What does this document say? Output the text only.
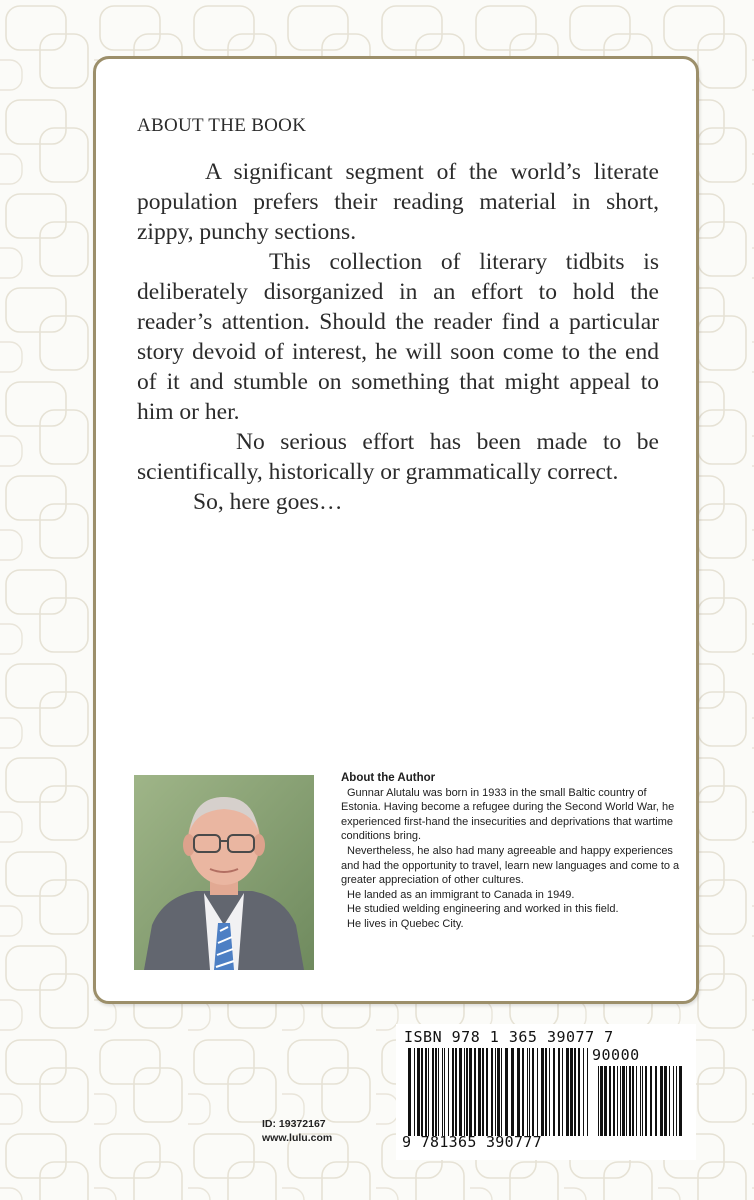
ABOUT THE BOOK

A significant segment of the world’s literate population prefers their reading material in short, zippy, punchy sections.

This collection of literary tidbits is deliberately disorganized in an effort to hold the reader’s attention. Should the reader find a particular story devoid of interest, he will soon come to the end of it and stumble on something that might appeal to him or her.

No serious effort has been made to be scientifically, historically or grammatically correct.

So, here goes…

About the Author

Gunnar Alutalu was born in 1933 in the small Baltic country of Estonia. Having become a refugee during the Second World War, he experienced first-hand the insecurities and deprivations that wartime conditions bring.

Nevertheless, he also had many agreeable and happy experiences and had the opportunity to travel, learn new languages and come to a greater appreciation of other cultures.

He landed as an immigrant to Canada in 1949.

He studied welding engineering and worked in this field.

He lives in Quebec City.

ID: 19372167
www.lulu.com
ISBN 978 1 365 39077 7
90000
9 781365 390777
